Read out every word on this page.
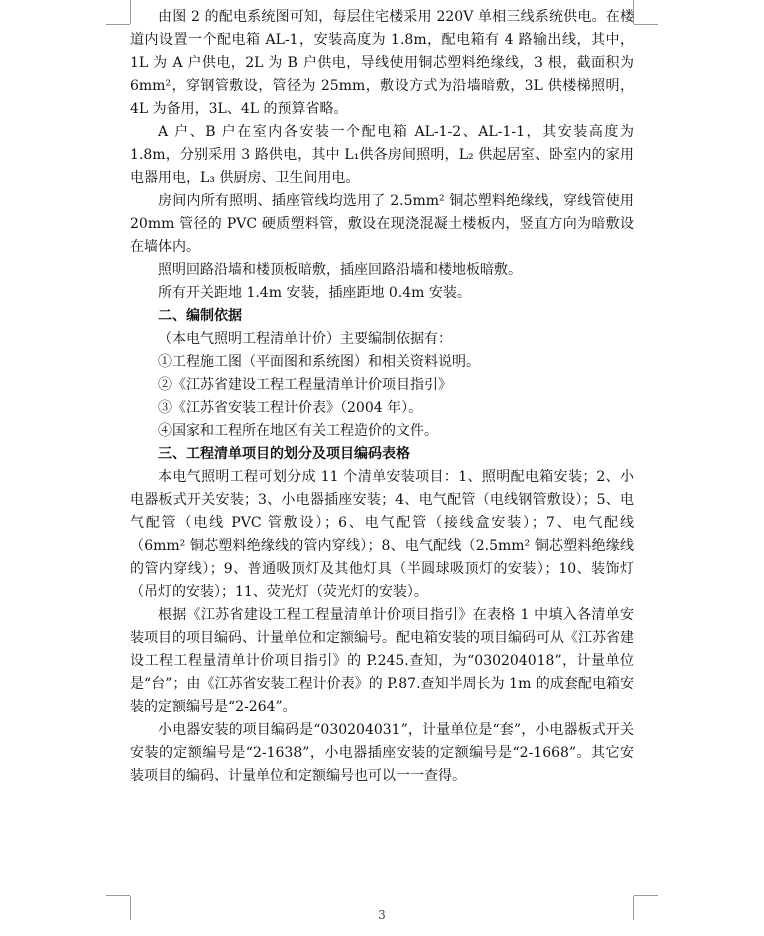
由图 2 的配电系统图可知，每层住宅楼采用 220V 单相三线系统供电。在楼道内设置一个配电箱 AL-1，安装高度为 1.8m，配电箱有 4 路输出线，其中，1L 为 A 户供电，2L 为 B 户供电，导线使用铜芯塑料绝缘线，3 根，截面积为 6mm²，穿钢管敷设，管径为 25mm，敷设方式为沿墙暗敷，3L 供楼梯照明，4L 为备用，3L、4L 的预算省略。

A 户、B 户在室内各安装一个配电箱 AL-1-2、AL-1-1，其安装高度为 1.8m，分别采用 3 路供电，其中 L₁供各房间照明，L₂ 供起居室、卧室内的家用电器用电，L₃ 供厨房、卫生间用电。

房间内所有照明、插座管线均选用了 2.5mm² 铜芯塑料绝缘线，穿线管使用 20mm 管径的 PVC 硬质塑料管，敷设在现浇混凝土楼板内，竖直方向为暗敷设在墙体内。

照明回路沿墙和楼顶板暗敷，插座回路沿墙和楼地板暗敷。

所有开关距地 1.4m 安装，插座距地 0.4m 安装。

二、编制依据

（本电气照明工程清单计价）主要编制依据有：

①工程施工图（平面图和系统图）和相关资料说明。

②《江苏省建设工程工程量清单计价项目指引》

③《江苏省安装工程计价表》（2004 年）。

④国家和工程所在地区有关工程造价的文件。

三、工程清单项目的划分及项目编码表格

本电气照明工程可划分成 11 个清单安装项目：1、照明配电箱安装；2、小电器板式开关安装；3、小电器插座安装；4、电气配管（电线钢管敷设）；5、电气配管（电线 PVC 管敷设）；6、电气配管（接线盒安装）；7、电气配线（6mm² 铜芯塑料绝缘线的管内穿线）；8、电气配线（2.5mm² 铜芯塑料绝缘线的管内穿线）；9、普通吸顶灯及其他灯具（半圆球吸顶灯的安装）；10、装饰灯（吊灯的安装）；11、荧光灯（荧光灯的安装）。

根据《江苏省建设工程工程量清单计价项目指引》在表格 1 中填入各清单安装项目的项目编码、计量单位和定额编号。配电箱安装的项目编码可从《江苏省建设工程工程量清单计价项目指引》的 P.245.查知，为“030204018”，计量单位是“台”；由《江苏省安装工程计价表》的 P.87.查知半周长为 1m 的成套配电箱安装的定额编号是“2-264”。

小电器安装的项目编码是“030204031”，计量单位是“套”，小电器板式开关安装的定额编号是“2-1638”，小电器插座安装的定额编号是“2-1668”。其它安装项目的编码、计量单位和定额编号也可以一一查得。

3
